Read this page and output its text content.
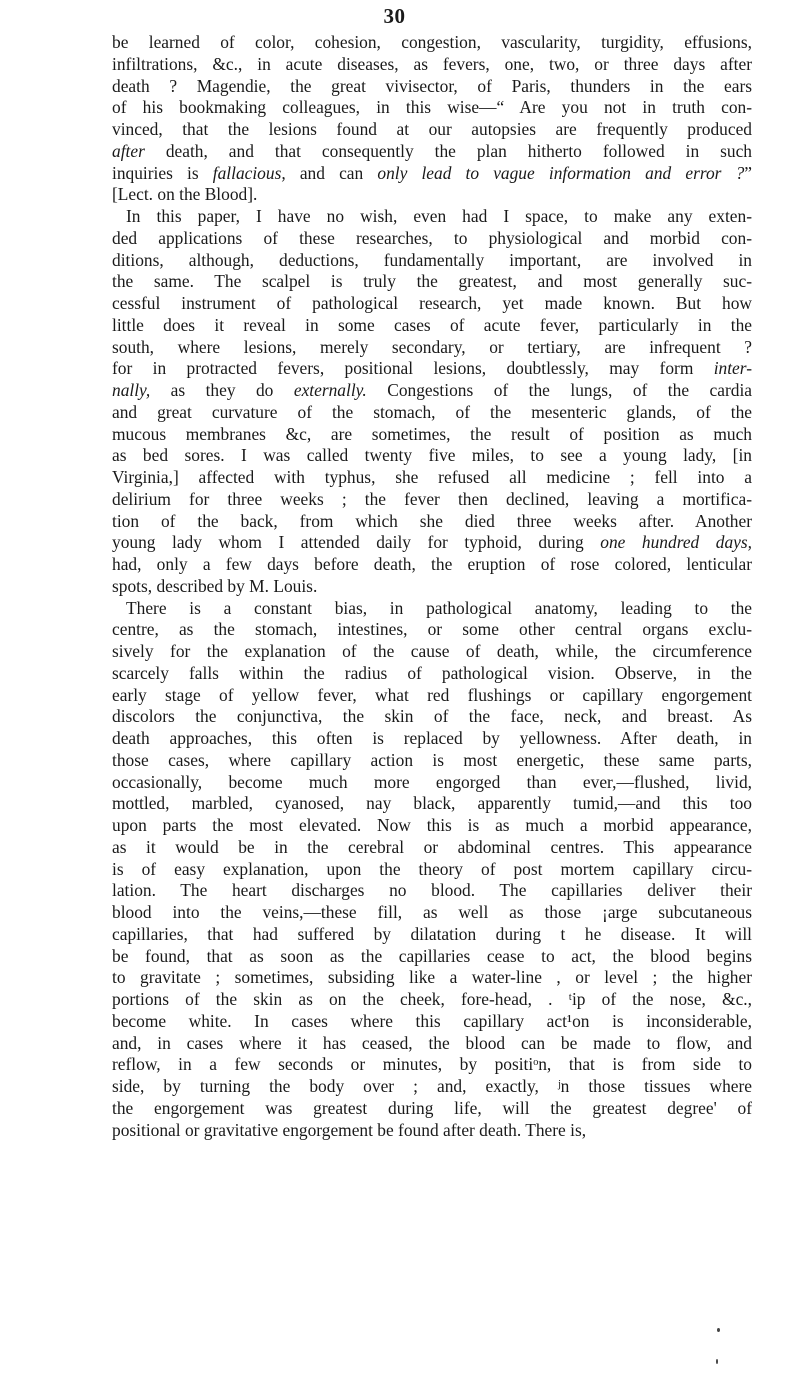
30
be learned of color, cohesion, congestion, vascularity, turgidity, effusions,
infiltrations, &c., in acute diseases, as fevers, one, two, or three days after
death ? Magendie, the great vivisector, of Paris, thunders in the ears
of his bookmaking colleagues, in this wise—“ Are you not in truth con-
vinced, that the lesions found at our autopsies are frequently produced
after death, and that consequently the plan hitherto followed in such
inquiries is fallacious, and can only lead to vague information and error ?”
[Lect. on the Blood].
In this paper, I have no wish, even had I space, to make any exten-
ded applications of these researches, to physiological and morbid con-
ditions, although, deductions, fundamentally important, are involved in
the same. The scalpel is truly the greatest, and most generally suc-
cessful instrument of pathological research, yet made known. But how
little does it reveal in some cases of acute fever, particularly in the
south, where lesions, merely secondary, or tertiary, are infrequent ?
for in protracted fevers, positional lesions, doubtlessly, may form inter-
nally, as they do externally. Congestions of the lungs, of the cardia
and great curvature of the stomach, of the mesenteric glands, of the
mucous membranes &c, are sometimes, the result of position as much
as bed sores. I was called twenty five miles, to see a young lady, [in
Virginia,] affected with typhus, she refused all medicine ; fell into a
delirium for three weeks ; the fever then declined, leaving a mortifica-
tion of the back, from which she died three weeks after. Another
young lady whom I attended daily for typhoid, during one hundred days,
had, only a few days before death, the eruption of rose colored, lenticular
spots, described by M. Louis.
There is a constant bias, in pathological anatomy, leading to the
centre, as the stomach, intestines, or some other central organs exclu-
sively for the explanation of the cause of death, while, the circumference
scarcely falls within the radius of pathological vision. Observe, in the
early stage of yellow fever, what red flushings or capillary engorgement
discolors the conjunctiva, the skin of the face, neck, and breast. As
death approaches, this often is replaced by yellowness. After death, in
those cases, where capillary action is most energetic, these same parts,
occasionally, become much more engorged than ever,—flushed, livid,
mottled, marbled, cyanosed, nay black, apparently tumid,—and this too
upon parts the most elevated. Now this is as much a morbid appearance,
as it would be in the cerebral or abdominal centres. This appearance
is of easy explanation, upon the theory of post mortem capillary circu-
lation. The heart discharges no blood. The capillaries deliver their
blood into the veins,—these fill, as well as those ¡arge subcutaneous
capillaries, that had suffered by dilatation during t he disease. It will
be found, that as soon as the capillaries cease to act, the blood begins
to gravitate ; sometimes, subsiding like a water-line , or level ; the higher
portions of the skin as on the cheek, fore-head, . ᵗip of the nose, &c.,
become white. In cases where this capillary act¹on is inconsiderable,
and, in cases where it has ceased, the blood can be made to flow, and
reflow, in a few seconds or minutes, by positiᵒn, that is from side to
side, by turning the body over ; and, exactly, ʲn those tissues where
the engorgement was greatest during life, will the greatest degree' of
positional or gravitative engorgement be found after death. There is,
